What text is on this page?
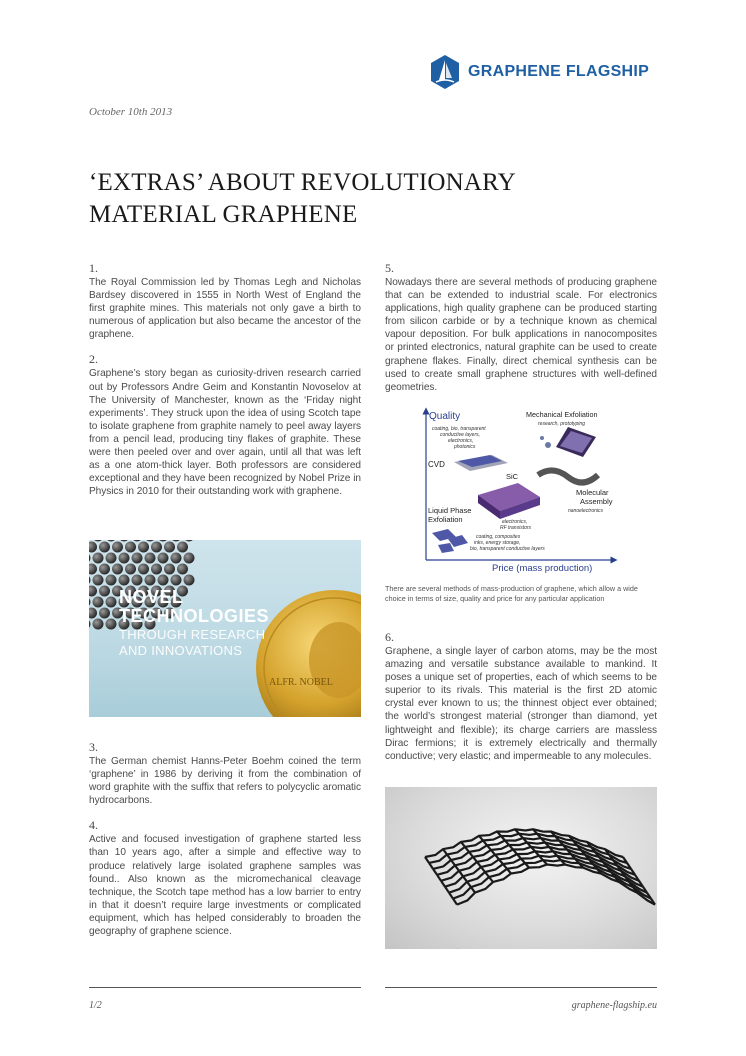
GRAPHENE FLAGSHIP
October 10th 2013
‘EXTRAS’ ABOUT REVOLUTIONARY
MATERIAL GRAPHENE
1.

The Royal Commission led by Thomas Legh and Nicholas Bardsey discovered in 1555 in North West of England the first graphite mines. This materials not only gave a birth to numerous of application but also became the ancestor of the graphene.

2.

Graphene’s story began as curiosity-driven research carried out by Professors Andre Geim and Konstantin Novoselov at The University of Manchester, known as the ‘Friday night experiments’. They struck upon the idea of using Scotch tape to isolate graphene from graphite namely to peel away layers from a pencil lead, producing tiny flakes of graphite. These were then peeled over and over again, until all that was left as a one atom-thick layer. Both professors are considered exceptional and they have been recognized by Nobel Prize in Physics in 2010 for their outstanding work with graphene.

ALFR. NOBEL
NOVEL
TECHNOLOGIES
THROUGH RESEARCH
AND INNOVATIONS
3.

The German chemist Hanns-Peter Boehm coined the term ‘graphene’ in 1986 by deriving it from the combination of word graphite with the suffix that refers to polycyclic aromatic hydrocarbons.

4.

Active and focused investigation of graphene started less than 10 years ago, after a simple and effective way to produce relatively large isolated graphene samples was found.. Also known as the micromechanical cleavage technique, the Scotch tape method has a low barrier to entry in that it doesn’t require large investments or complicated equipment, which has helped considerably to broaden the geography of graphene science.

5.

Nowadays there are several methods of producing graphene that can be extended to industrial scale. For electronics applications, high quality graphene can be produced starting from silicon carbide or by a technique known as chemical vapour deposition. For bulk applications in nanocomposites or printed electronics, natural graphite can be used to create graphene flakes. Finally, direct chemical synthesis can be used to create small graphene structures with well-defined geometries.

Quality
Price (mass production)
Mechanical Exfoliation
research, prototyping
coating, bio, transparent
conductive layers,
electronics,
photonics
CVD
SiC
electronics,
RF transistors
Molecular
Assembly
nanoelectronics
Liquid Phase
Exfoliation
coating, composites
inks, energy storage,
bio, transparent conductive layers
There are several methods of mass-production of graphene, which allow a wide choice in terms of size, quality and price for any particular application
6.

Graphene, a single layer of carbon atoms, may be the most amazing and versatile substance available to mankind. It poses a unique set of properties, each of which seems to be superior to its rivals. This material is the first 2D atomic crystal ever known to us; the thinnest object ever obtained; the world’s strongest material (stronger than diamond, yet lightweight and flexible); its charge carriers are massless Dirac fermions; it is extremely electrically and thermally conductive; very elastic; and impermeable to any molecules.

1/2	graphene-flagship.eu
